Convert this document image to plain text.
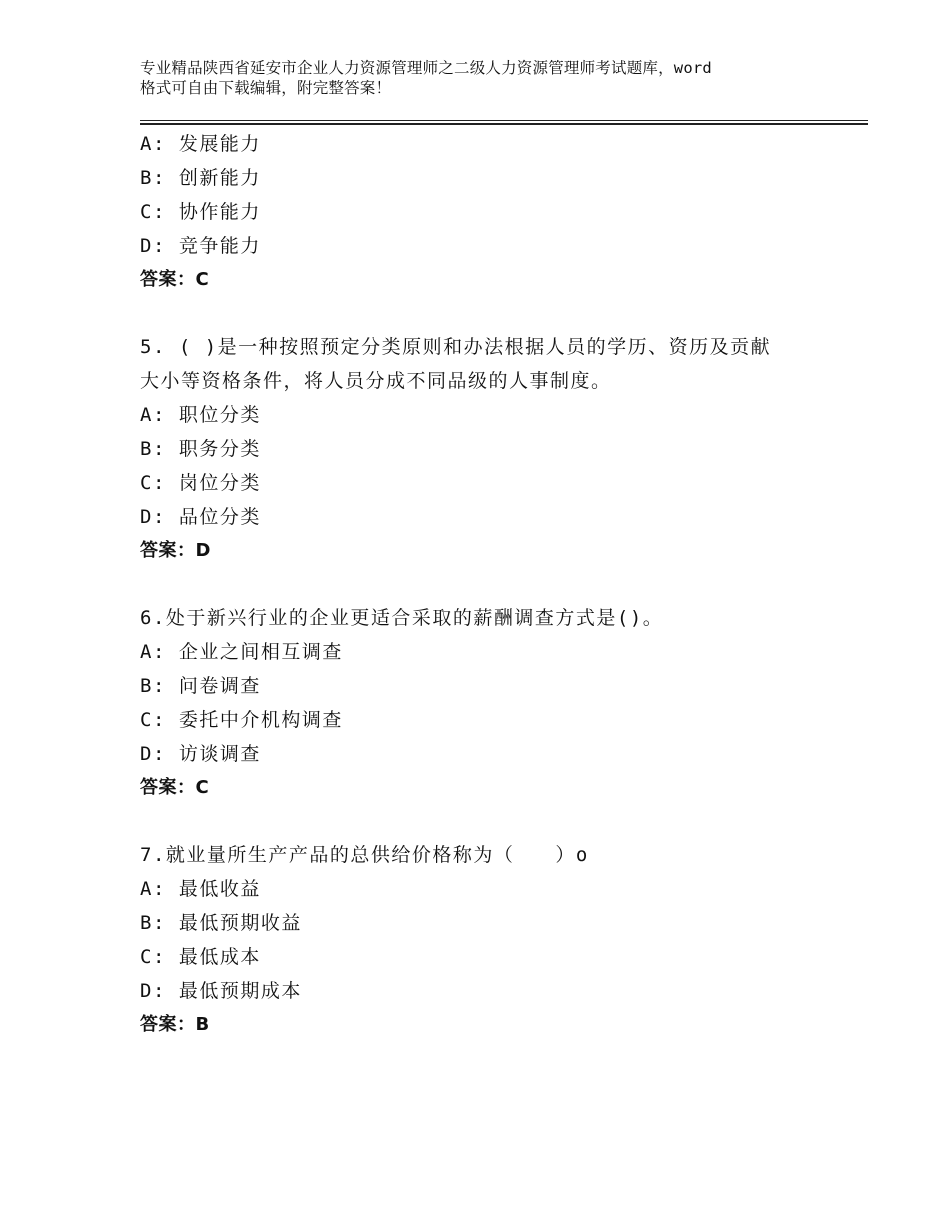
专业精品陕西省延安市企业人力资源管理师之二级人力资源管理师考试题库，word
格式可自由下载编辑，附完整答案！
A: 发展能力
B: 创新能力
C: 协作能力
D: 竞争能力
答案：C
5. ( )是一种按照预定分类原则和办法根据人员的学历、资历及贡献
大小等资格条件，将人员分成不同品级的人事制度。
A: 职位分类
B: 职务分类
C: 岗位分类
D: 品位分类
答案：D
6.处于新兴行业的企业更适合采取的薪酬调查方式是()。
A: 企业之间相互调查
B: 问卷调查
C: 委托中介机构调查
D: 访谈调查
答案：C
7.就业量所生产产品的总供给价格称为（　　）o
A: 最低收益
B: 最低预期收益
C: 最低成本
D: 最低预期成本
答案：B
